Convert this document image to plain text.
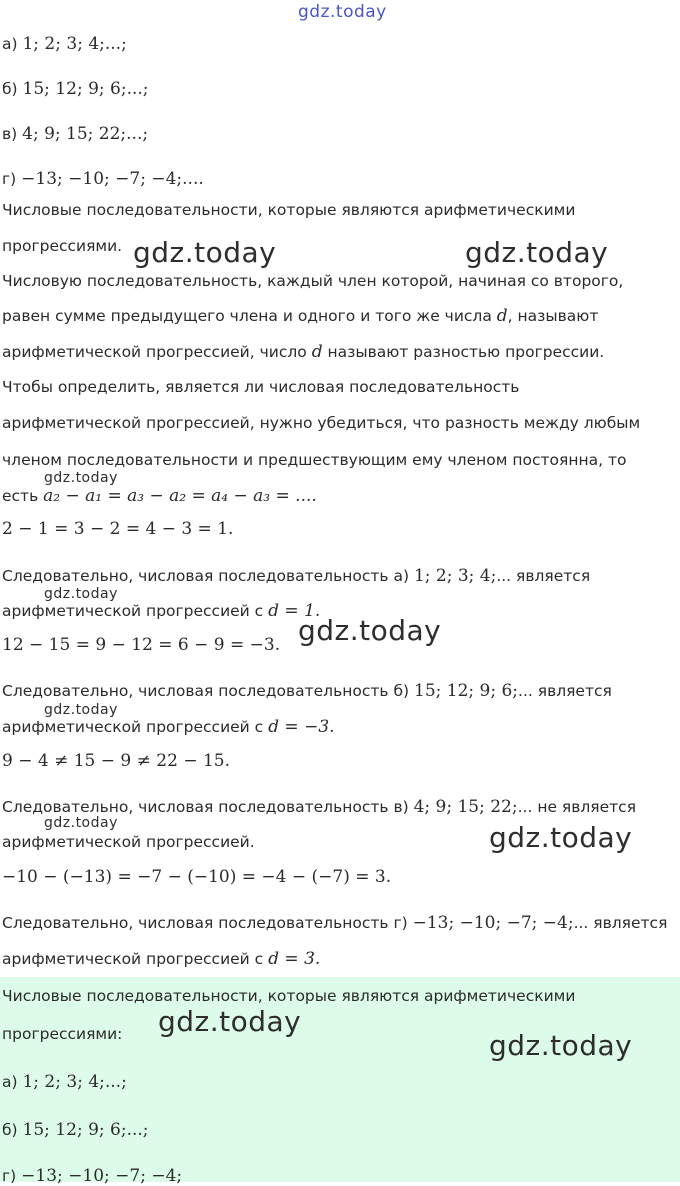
gdz.today
а) 1; 2; 3; 4;...;
б) 15; 12; 9; 6;...;
в) 4; 9; 15; 22;...;
г) −13; −10; −7; −4;....
Числовые последовательности, которые являются арифметическими
прогрессиями. gdz.today	gdz.today
Числовую последовательность, каждый член которой, начиная со второго,
равен сумме предыдущего члена и одного и того же числа d, называют
арифметической прогрессией, число d называют разностью прогрессии.
Чтобы определить, является ли числовая последовательность
арифметической прогрессией, нужно убедиться, что разность между любым
членом последовательности и предшествующим ему членом постоянна, то
gdz.today
есть a₂ − a₁ = a₃ − a₂ = a₄ − a₃ = ....
2 − 1 = 3 − 2 = 4 − 3 = 1.
Следовательно, числовая последовательность а) 1; 2; 3; 4;... является
gdz.today
арифметической прогрессией с d = 1.
12 − 15 = 9 − 12 = 6 − 9 = −3. gdz.today
Следовательно, числовая последовательность б) 15; 12; 9; 6;... является
gdz.today
арифметической прогрессией с d = −3.
9 − 4 ≠ 15 − 9 ≠ 22 − 15.
Следовательно, числовая последовательность в) 4; 9; 15; 22;... не является
gdz.today
арифметической прогрессией.	gdz.today
−10 − (−13) = −7 − (−10) = −4 − (−7) = 3.
Следовательно, числовая последовательность г) −13; −10; −7; −4;... является
арифметической прогрессией с d = 3.
Числовые последовательности, которые являются арифметическими
прогрессиями: gdz.today
gdz.today
а) 1; 2; 3; 4;...;
б) 15; 12; 9; 6;...;
г) −13; −10; −7; −4;
